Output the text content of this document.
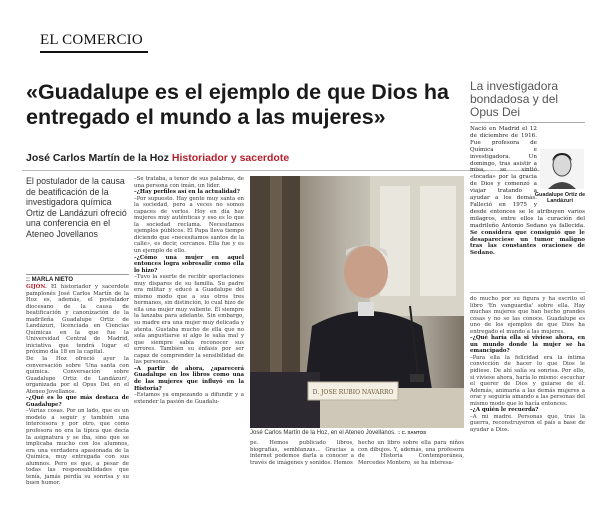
EL COMERCIO
«Guadalupe es el ejemplo de que Dios ha entregado el mundo a las mujeres»
José Carlos Martín de la Hoz Historiador y sacerdote
El postulador de la causa de beatificación de la investigadora química Ortiz de Landázuri ofreció una conferencia en el Ateneo Jovellanos
:: MARLA NIETO

GIJÓN. El historiador y sacerdote pamplonés José Carlos Martín de la Hoz es, además, el postulador diocesano de la causa de beatificación y canonización de la madrileña Guadalupe Ortiz de Landázuri, licenciada en Ciencias Químicas en la que fue la Universidad Central de Madrid, iniciativa que tendrá lugar el próximo día 18 en la capital.

De la Hoz ofreció ayer la conversación sobre 'Una santa con química. Conversación sobre Guadalupe Ortiz de Landázuri', organizada por el Opus Dei en el Ateneo Jovellanos.

–¿Qué es lo que más destaca de Guadalupe?

–Varias cosas. Por un lado, que es un modelo a seguir y también una intercesora y por otro, que como profesora no era la típica que decía la asignatura y se iba, sino que se implicaba mucho con los alumnos, era una verdadera apasionada de la Química, muy entregada con sus alumnos. Pero es que, a pesar de todas las responsabilidades que tenía, jamás perdía su sonrisa y su buen humor.

–Se trataba, a tenor de sus palabras, de una persona con imán, un líder.

–¿Hay perfiles así en la actualidad?

–Por supuesto. Hay gente muy santa en la sociedad, pero a veces no somos capaces de verlos. Hoy en día hay mujeres muy auténticas y eso es lo que la sociedad reclama. Necesitamos ejemplos públicos. El Papa lleva tiempo diciendo que «necesitamos santos de la calle», es decir, cercanos. Ella fue y es un ejemplo de ello.

–¿Cómo una mujer en aquel entonces logra sobresalir como ella lo hizo?

–Tuvo la suerte de recibir aportaciones muy dispares de su familia. Su padre era militar y educó a Guadalupe del mismo modo que a sus otros tres hermanos, sin distinción, lo cual hizo de ella una mujer muy valiente. Él siempre la lanzaba para adelante. Sin embargo, su madre era una mujer muy delicada y atenta. Gustaba mucho de ella que no sola angustiarse si algo le salía mal y que siempre sabía reconocer sus errores. También su énfasis por ser capaz de comprender la sensibilidad de las personas.

–A partir de ahora, ¿aparecerá Guadalupe en los libros como una de las mujeres que influyó en la Historia?

–Estamos ya empezando a difundir y a extender la pasión de Guadalu-

D. JOSE RUBIO NAVARRO
José Carlos Martín de la Hoz, en el Ateneo Jovellanos. :: C. SANTOS
pe. Hemos publicado libros, biografías, semblanzas… Gracias a internet podemos darla a conocer a través de imágenes y sonidos. Hemos
hecho un libro sobre ella para niños con dibujos. Y, además, una profesora de Historia Contemporánea, Mercedes Montero, se ha interesa-
La investigadora bondadosa y del Opus Dei
Nació en Madrid el 12 de diciembre de 1916. Fue profesora de Química e investigadora. Un domingo, tras asistir a misa, se sintió «tocada» por la gracia de Dios y comenzó a viajar tratando a ayudar a los demás. Falleció en 1975 y desde entonces se le atribuyen varios milagros, entre ellos la curación del madrileño Antonio Sedano ya fallecida. Se considera que consiguió que le desapareciese un tumor maligno tras las constantes oraciones de Sedano.
Guadalupe Ortiz de Landázuri

do mucho por su figura y ha escrito el libro 'En vanguardia' sobre ella. Hay muchas mujeres que han hecho grandes cosas y no se las conoce. Guadalupe es uno de los ejemplos de que Dios ha entregado el mundo a las mujeres.

–¿Qué haría ella si viviese ahora, en un mundo donde la mujer se ha emancipado?

–Para ella la felicidad era la íntima convicción de hacer lo que Dios le pidiese. De ahí salía su sonrisa. Por ello, si viviese ahora, haría lo mismo: escuchar el querer de Dios y guiarse de él. Además, animaría a las demás mujeres a orar y seguiría amando a las personas del mismo modo que lo hacía entonces.

–¿A quién le recuerda?

–A mi madre. Personas que, tras la guerra, reconstruyeron el país a base de ayudar a Dios.
